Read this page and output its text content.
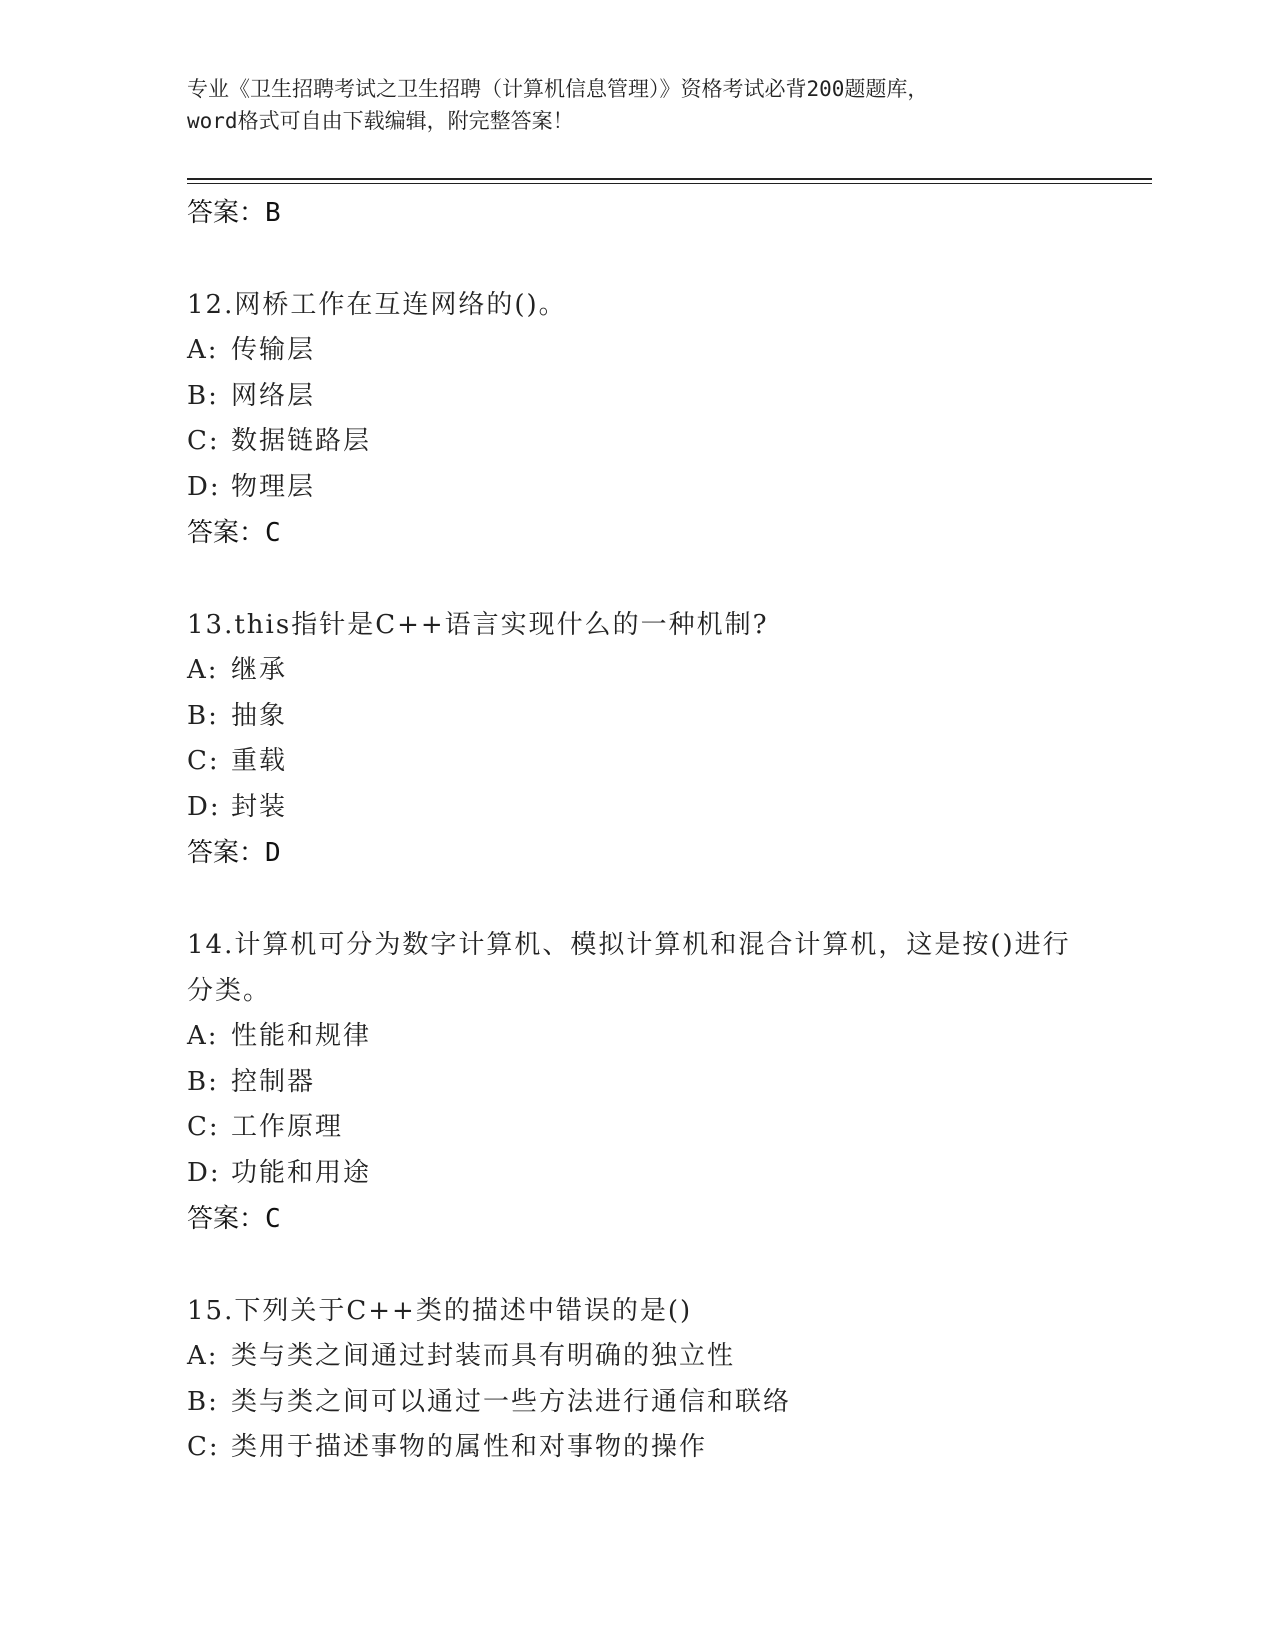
专业《卫生招聘考试之卫生招聘（计算机信息管理）》资格考试必背200题题库，
word格式可自由下载编辑，附完整答案！
答案：B
12.网桥工作在互连网络的()。
A: 传输层
B: 网络层
C: 数据链路层
D: 物理层
答案：C
13.this指针是C++语言实现什么的一种机制?
A: 继承
B: 抽象
C: 重载
D: 封装
答案：D
14.计算机可分为数字计算机、模拟计算机和混合计算机，这是按()进行分类。
A: 性能和规律
B: 控制器
C: 工作原理
D: 功能和用途
答案：C
15.下列关于C++类的描述中错误的是()
A: 类与类之间通过封装而具有明确的独立性
B: 类与类之间可以通过一些方法进行通信和联络
C: 类用于描述事物的属性和对事物的操作
